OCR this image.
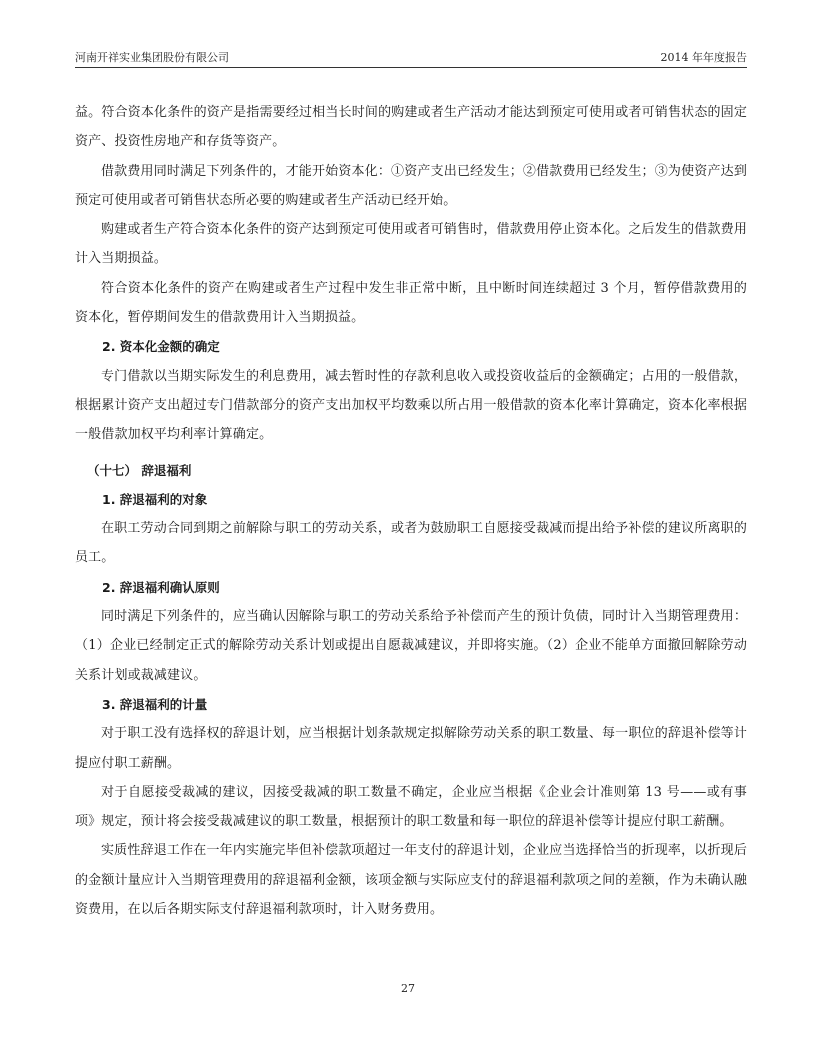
河南开祥实业集团股份有限公司	2014 年年度报告

益。符合资本化条件的资产是指需要经过相当长时间的购建或者生产活动才能达到预定可使用或者可销售状态的固定资产、投资性房地产和存货等资产。

借款费用同时满足下列条件的，才能开始资本化：①资产支出已经发生；②借款费用已经发生；③为使资产达到预定可使用或者可销售状态所必要的购建或者生产活动已经开始。

购建或者生产符合资本化条件的资产达到预定可使用或者可销售时，借款费用停止资本化。之后发生的借款费用计入当期损益。

符合资本化条件的资产在购建或者生产过程中发生非正常中断，且中断时间连续超过 3 个月，暂停借款费用的资本化，暂停期间发生的借款费用计入当期损益。

2. 资本化金额的确定

专门借款以当期实际发生的利息费用，减去暂时性的存款利息收入或投资收益后的金额确定；占用的一般借款，根据累计资产支出超过专门借款部分的资产支出加权平均数乘以所占用一般借款的资本化率计算确定，资本化率根据一般借款加权平均利率计算确定。

（十七） 辞退福利

1. 辞退福利的对象

在职工劳动合同到期之前解除与职工的劳动关系，或者为鼓励职工自愿接受裁减而提出给予补偿的建议所离职的员工。

2. 辞退福利确认原则

同时满足下列条件的，应当确认因解除与职工的劳动关系给予补偿而产生的预计负债，同时计入当期管理费用：（1）企业已经制定正式的解除劳动关系计划或提出自愿裁减建议，并即将实施。（2）企业不能单方面撤回解除劳动关系计划或裁减建议。

3. 辞退福利的计量

对于职工没有选择权的辞退计划，应当根据计划条款规定拟解除劳动关系的职工数量、每一职位的辞退补偿等计提应付职工薪酬。

对于自愿接受裁减的建议，因接受裁减的职工数量不确定，企业应当根据《企业会计准则第 13 号——或有事项》规定，预计将会接受裁减建议的职工数量，根据预计的职工数量和每一职位的辞退补偿等计提应付职工薪酬。

实质性辞退工作在一年内实施完毕但补偿款项超过一年支付的辞退计划，企业应当选择恰当的折现率，以折现后的金额计量应计入当期管理费用的辞退福利金额，该项金额与实际应支付的辞退福利款项之间的差额，作为未确认融资费用，在以后各期实际支付辞退福利款项时，计入财务费用。

27
